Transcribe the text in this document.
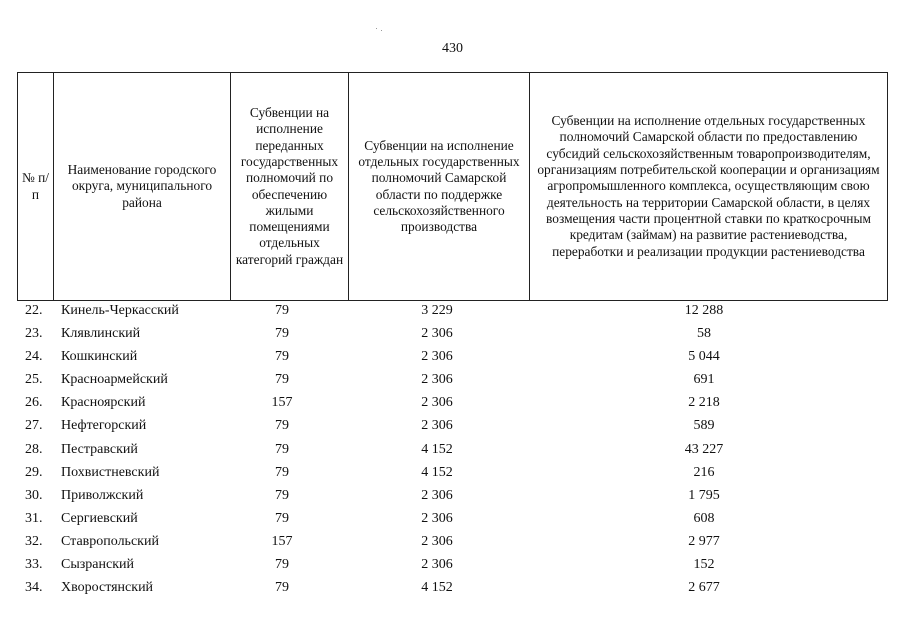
430
№ п/п	Наименование городского округа, муниципального района	Субвенции на исполнение переданных государственных полномочий по обеспечению жилыми помещениями отдельных категорий граждан	Субвенции на исполнение отдельных государственных полномочий Самарской области по поддержке сельскохозяйственного производства	Субвенции на исполнение отдельных государственных полномочий Самарской области по предоставлению субсидий сельскохозяйственным товаропроизводителям, организациям потребительской кооперации и организациям агропромышленного комплекса, осуществляющим свою деятельность на территории Самарской области, в целях возмещения части процентной ставки по краткосрочным кредитам (займам) на развитие растениеводства, переработки и реализации продукции растениеводства
22. Кинель-Черкасский	79	3 229	12 288
23. Клявлинский	79	2 306	58
24. Кошкинский	79	2 306	5 044
25. Красноармейский	79	2 306	691
26. Красноярский	157	2 306	2 218
27. Нефтегорский	79	2 306	589
28. Пестравский	79	4 152	43 227
29. Похвистневский	79	4 152	216
30. Приволжский	79	2 306	1 795
31. Сергиевский	79	2 306	608
32. Ставропольский	157	2 306	2 977
33. Сызранский	79	2 306	152
34. Хворостянский	79	4 152	2 677
